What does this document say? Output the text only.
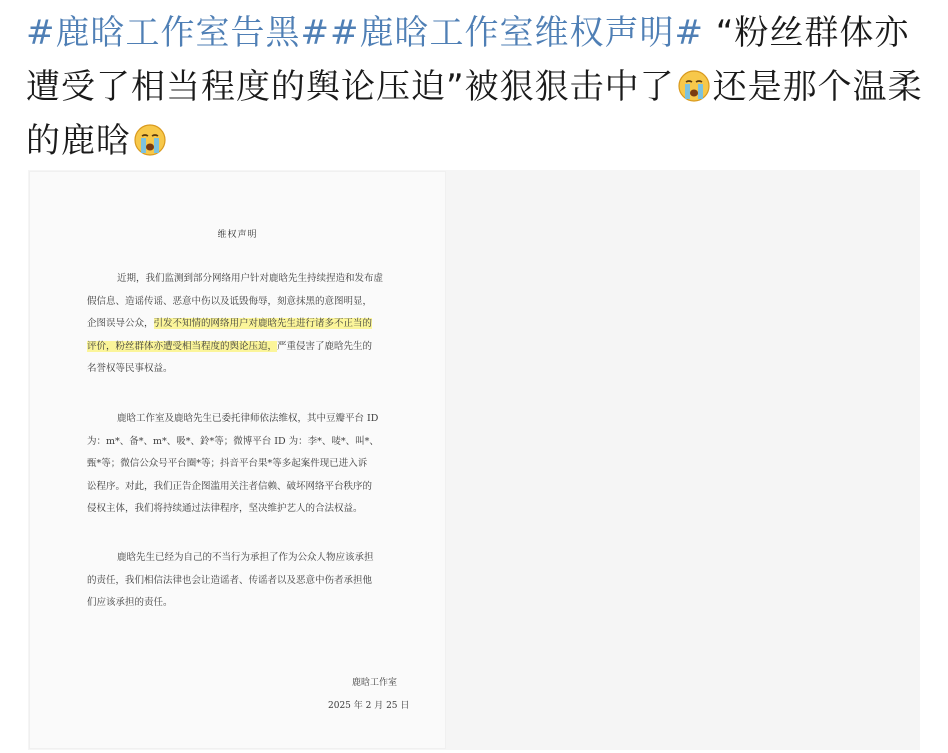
#鹿晗工作室告黑##鹿晗工作室维权声明# “粉丝群体亦遭受了相当程度的舆论压迫”被狠狠击中了 还是那个温柔的鹿晗
维权声明
近期，我们监测到部分网络用户针对鹿晗先生持续捏造和发布虚
假信息、造谣传谣、恶意中伤以及诋毁侮辱，刻意抹黑的意图明显，
企图误导公众，引发不知情的网络用户对鹿晗先生进行诸多不正当的
评价，粉丝群体亦遭受相当程度的舆论压迫，严重侵害了鹿晗先生的
名誉权等民事权益。
鹿晗工作室及鹿晗先生已委托律师依法维权，其中豆瓣平台 ID
为：m*、备*、m*、吸*、鈴*等；微博平台 ID 为：李*、唛*、叫*、
甄*等；微信公众号平台圈*等；抖音平台果*等多起案件现已进入诉
讼程序。对此，我们正告企图滥用关注者信赖、破坏网络平台秩序的
侵权主体，我们将持续通过法律程序，坚决维护艺人的合法权益。
鹿晗先生已经为自己的不当行为承担了作为公众人物应该承担
的责任，我们相信法律也会让造谣者、传谣者以及恶意中伤者承担他
们应该承担的责任。
鹿晗工作室
2025 年 2 月 25 日
